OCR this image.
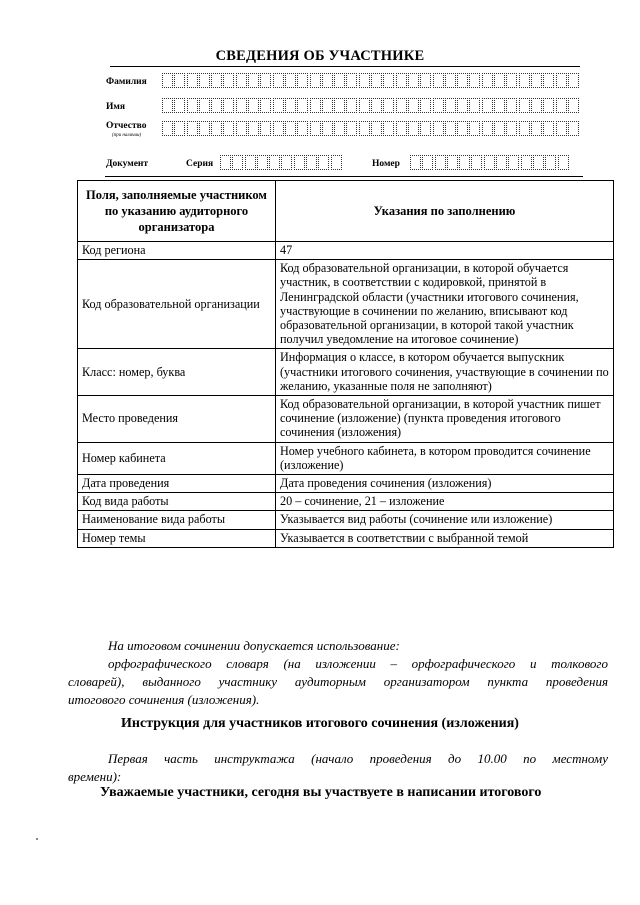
СВЕДЕНИЯ ОБ УЧАСТНИКЕ
Фамилия
Имя
Отчество
(при наличии)
Документ	Серия	Номер
Поля, заполняемые участником по указанию аудиторного организатора	Указания по заполнению
Код региона	47
Код образовательной организации	Код образовательной организации, в которой обучается участник, в соответствии с кодировкой, принятой в Ленинградской области (участники итогового сочинения, участвующие в сочинении по желанию, вписывают код образовательной организации, в которой такой участник получил уведомление на итоговое сочинение)
Класс: номер, буква	Информация о классе, в котором обучается выпускник (участники итогового сочинения, участвующие в сочинении по желанию, указанные поля не заполняют)
Место проведения	Код образовательной организации, в которой участник пишет сочинение (изложение) (пункта проведения итогового сочинения (изложения)
Номер кабинета	Номер учебного кабинета, в котором проводится сочинение (изложение)
Дата проведения	Дата проведения сочинения (изложения)
Код вида работы	20 – сочинение, 21 – изложение
Наименование вида работы	Указывается вид работы (сочинение или изложение)
Номер темы	Указывается в соответствии с выбранной темой
На итоговом сочинении допускается использование:
орфографического словаря (на изложении – орфографического и толкового
словарей), выданного участнику аудиторным организатором пункта проведения
итогового сочинения (изложения).
Инструкция для участников итогового сочинения (изложения)
Первая часть инструктажа (начало проведения до 10.00 по местному
времени):
Уважаемые участники, сегодня вы участвуете в написании итогового
